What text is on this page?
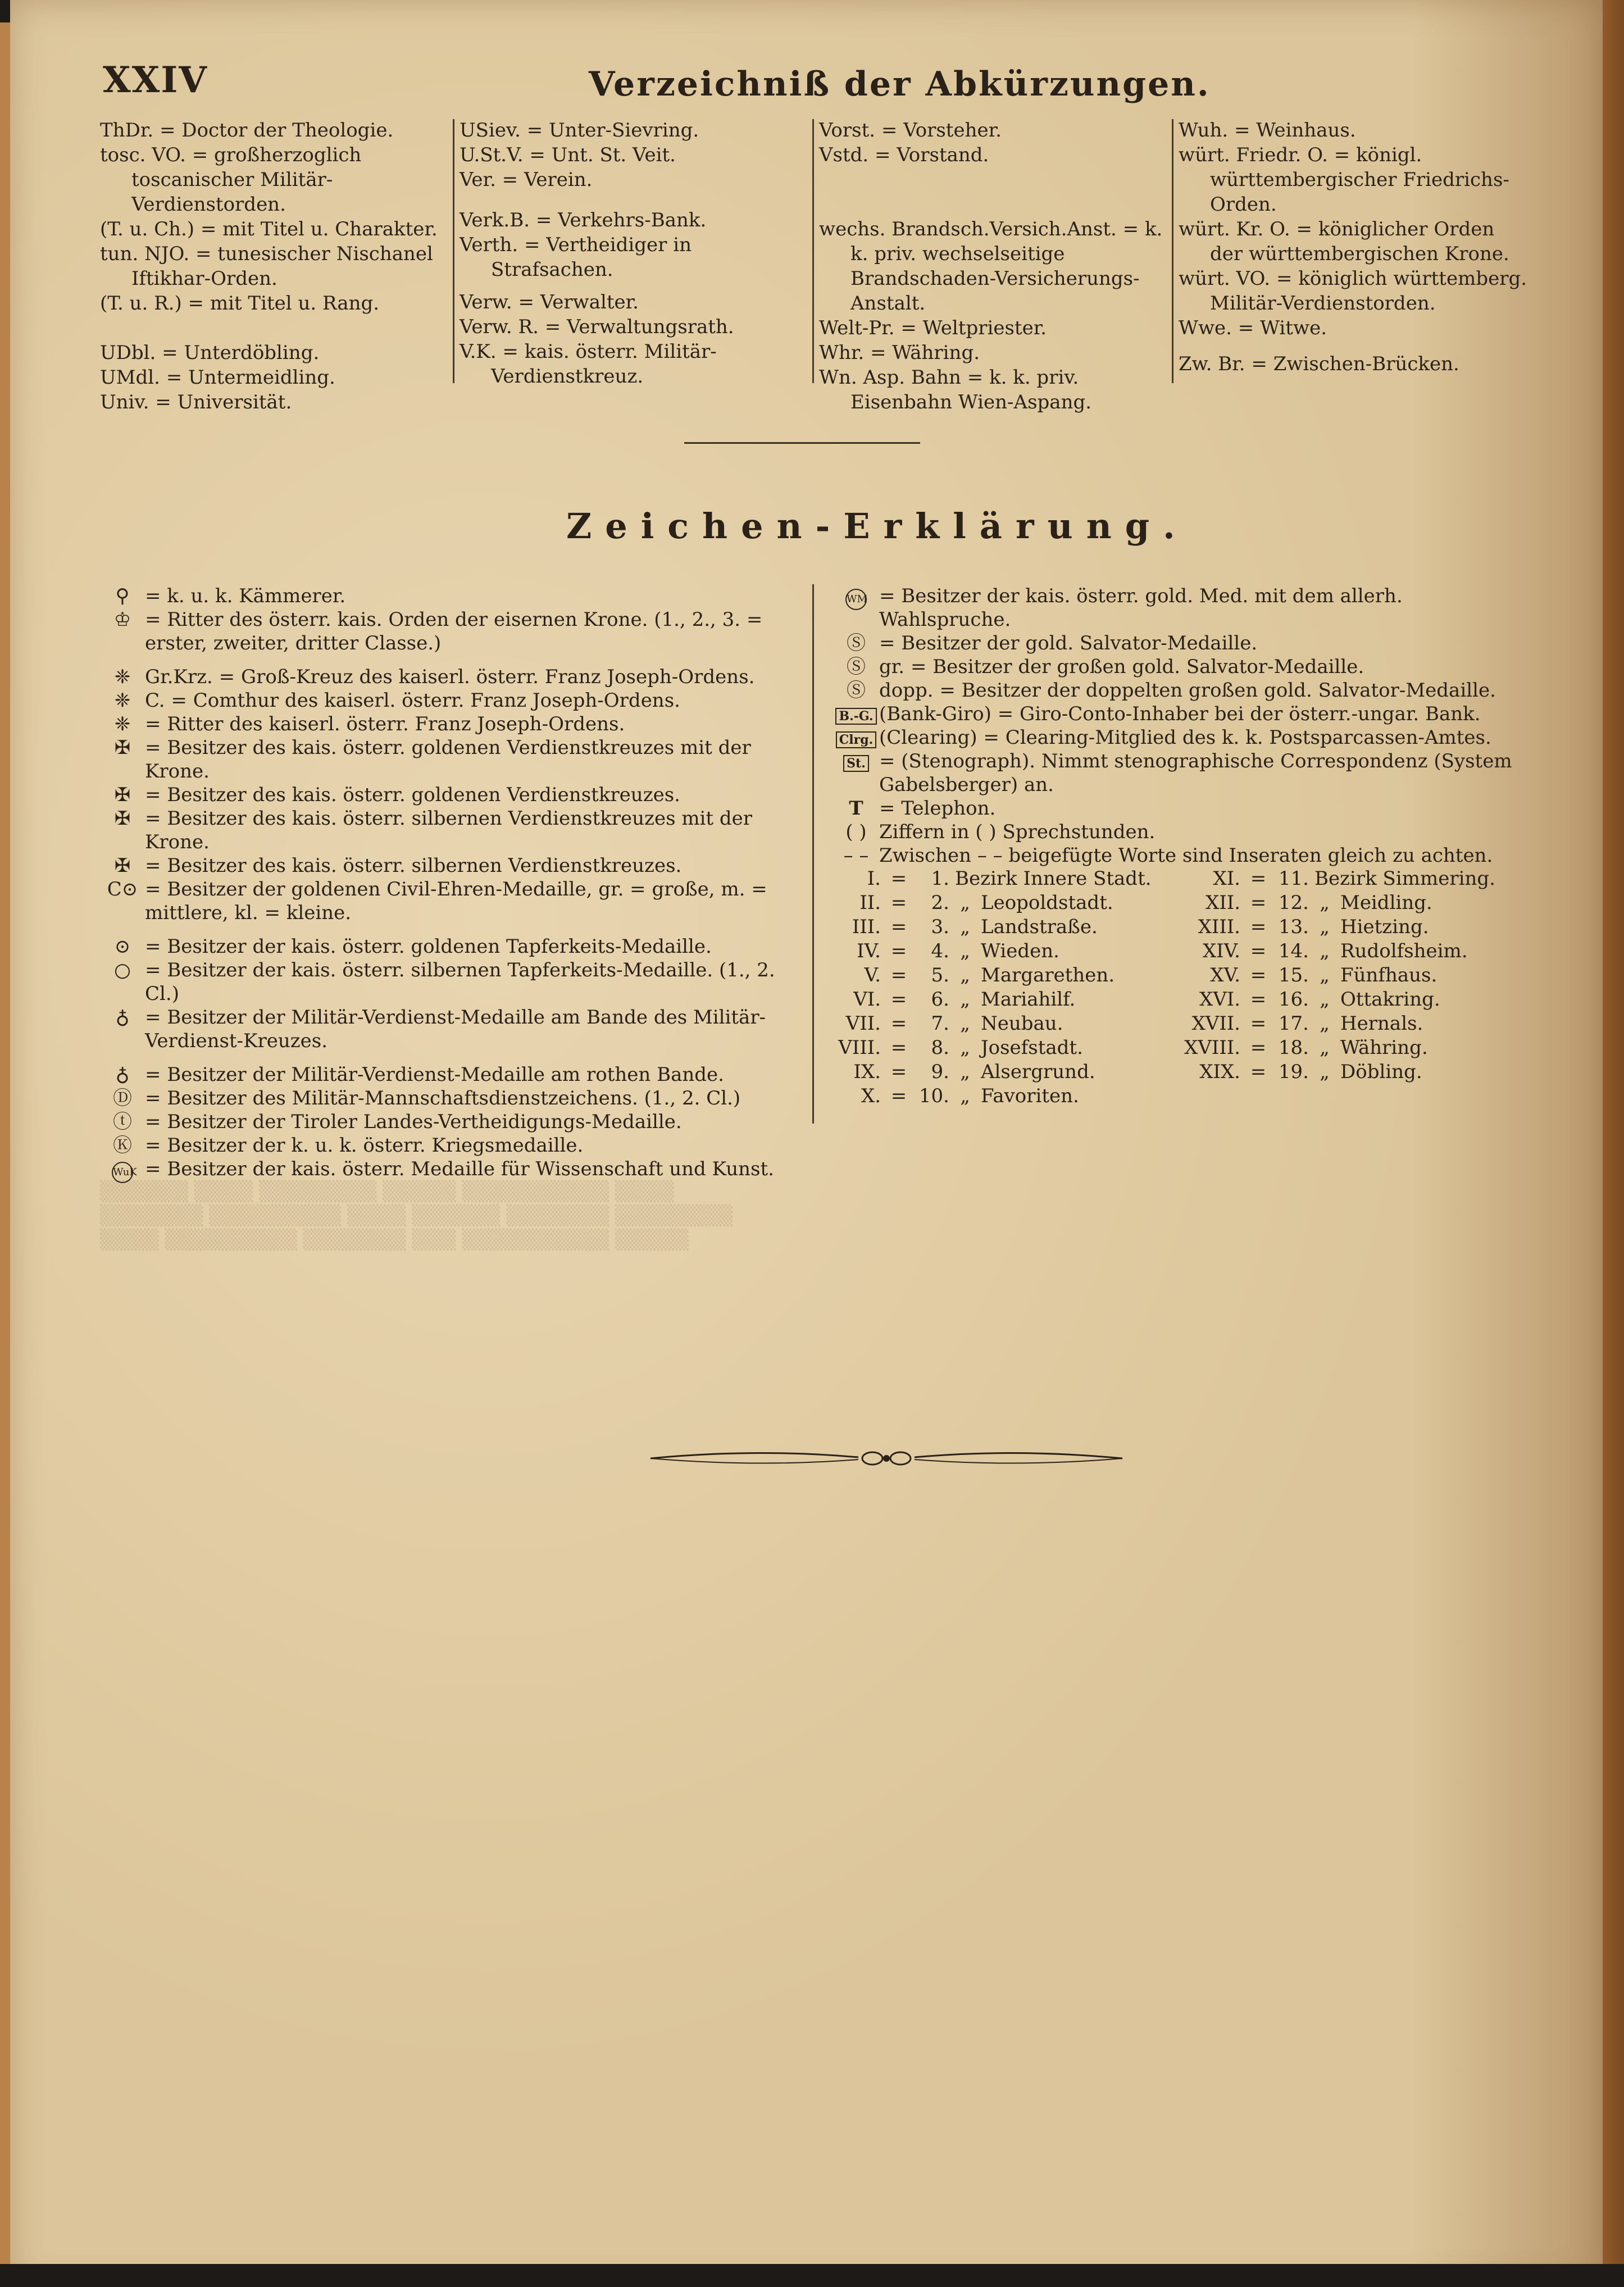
XXIV	Verzeichniß der Abkürzungen.
▒▒▒▒▒▒ ▒▒▒▒ ▒▒▒▒▒▒▒▒ ▒▒▒▒▒ ▒▒▒▒▒▒▒▒▒▒ ▒▒▒▒
▒▒▒▒▒▒▒ ▒▒▒▒▒▒▒▒▒ ▒▒▒▒ ▒▒▒▒▒▒ ▒▒▒▒▒▒▒ ▒▒▒▒▒▒▒▒
▒▒▒▒ ▒▒▒▒▒▒▒▒▒ ▒▒▒▒▒▒▒ ▒▒▒ ▒▒▒▒▒▒▒▒▒▒ ▒▒▒▒▒
ThDr. = Doctor der Theologie.
tosc. VO. = großherzoglich toscanischer Militär-Verdienstorden.
(T. u. Ch.) = mit Titel u. Charakter.
tun. NJO. = tunesischer Nischanel Iftikhar-Orden.
(T. u. R.) = mit Titel u. Rang.
UDbl. = Unterdöbling.
UMdl. = Untermeidling.
Univ. = Universität.
USiev. = Unter-Sievring.
U.St.V. = Unt. St. Veit.
Ver. = Verein.
Verk.B. = Verkehrs-Bank.
Verth. = Vertheidiger in Strafsachen.
Verw. = Verwalter.
Verw. R. = Verwaltungsrath.
V.K. = kais. österr. Militär-Verdienstkreuz.
Vorst. = Vorsteher.
Vstd. = Vorstand.
wechs. Brandsch.Versich.Anst. = k. k. priv. wechselseitige Brandschaden-Versicherungs-Anstalt.
Welt-Pr. = Weltpriester.
Whr. = Währing.
Wn. Asp. Bahn = k. k. priv. Eisenbahn Wien-Aspang.
Wuh. = Weinhaus.
würt. Friedr. O. = königl. württembergischer Friedrichs-Orden.
würt. Kr. O. = königlicher Orden der württembergischen Krone.
würt. VO. = königlich württemberg. Militär-Verdienstorden.
Wwe. = Witwe.
Zw. Br. = Zwischen-Brücken.
Zeichen-Erklärung.
⚲ = k. u. k. Kämmerer.
♔ = Ritter des österr. kais. Orden der eisernen Krone. (1., 2., 3. = erster, zweiter, dritter Classe.)
❈ Gr.Krz. = Groß-Kreuz des kaiserl. österr. Franz Joseph-Ordens.
❈ C. = Comthur des kaiserl. österr. Franz Joseph-Ordens.
❈ = Ritter des kaiserl. österr. Franz Joseph-Ordens.
✠ = Besitzer des kais. österr. goldenen Verdienstkreuzes mit der Krone.
✠ = Besitzer des kais. österr. goldenen Verdienstkreuzes.
✠ = Besitzer des kais. österr. silbernen Verdienstkreuzes mit der Krone.
✠ = Besitzer des kais. österr. silbernen Verdienstkreuzes.
C⊙ = Besitzer der goldenen Civil-Ehren-Medaille, gr. = große, m. = mittlere, kl. = kleine.
⊙ = Besitzer der kais. österr. goldenen Tapferkeits-Medaille.
○ = Besitzer der kais. österr. silbernen Tapferkeits-Medaille. (1., 2. Cl.)
♁ = Besitzer der Militär-Verdienst-Medaille am Bande des Militär-Verdienst-Kreuzes.
♁ = Besitzer der Militär-Verdienst-Medaille am rothen Bande.
Ⓓ = Besitzer des Militär-Mannschaftsdienstzeichens. (1., 2. Cl.)
ⓣ = Besitzer der Tiroler Landes-Vertheidigungs-Medaille.
Ⓚ = Besitzer der k. u. k. österr. Kriegsmedaille.
WuK = Besitzer der kais. österr. Medaille für Wissenschaft und Kunst.
WM = Besitzer der kais. österr. gold. Med. mit dem allerh. Wahlspruche.
Ⓢ = Besitzer der gold. Salvator-Medaille.
Ⓢ gr. = Besitzer der großen gold. Salvator-Medaille.
Ⓢ dopp. = Besitzer der doppelten großen gold. Salvator-Medaille.
B.-G. (Bank-Giro) = Giro-Conto-Inhaber bei der österr.-ungar. Bank.
Clrg. (Clearing) = Clearing-Mitglied des k. k. Postsparcassen-Amtes.
St. = (Stenograph). Nimmt stenographische Correspondenz (System Gabelsberger) an.
T = Telephon.
( ) Ziffern in ( ) Sprechstunden.
– – Zwischen – – beigefügte Worte sind Inseraten gleich zu achten.
I. =	1. Bezirk Innere Stadt.
II. =	2. „ Leopoldstadt.
III. =	3. „ Landstraße.
IV. =	4. „ Wieden.
V. =	5. „ Margarethen.
VI. =	6. „ Mariahilf.
VII. =	7. „ Neubau.
VIII. =	8. „ Josefstadt.
IX. =	9. „ Alsergrund.
X. = 10. „ Favoriten.
XI. = 11. Bezirk Simmering.
XII. = 12. „ Meidling.
XIII. = 13. „ Hietzing.
XIV. = 14. „ Rudolfsheim.
XV. = 15. „ Fünfhaus.
XVI. = 16. „ Ottakring.
XVII. = 17. „ Hernals.
XVIII. = 18. „ Währing.
XIX. = 19. „ Döbling.
